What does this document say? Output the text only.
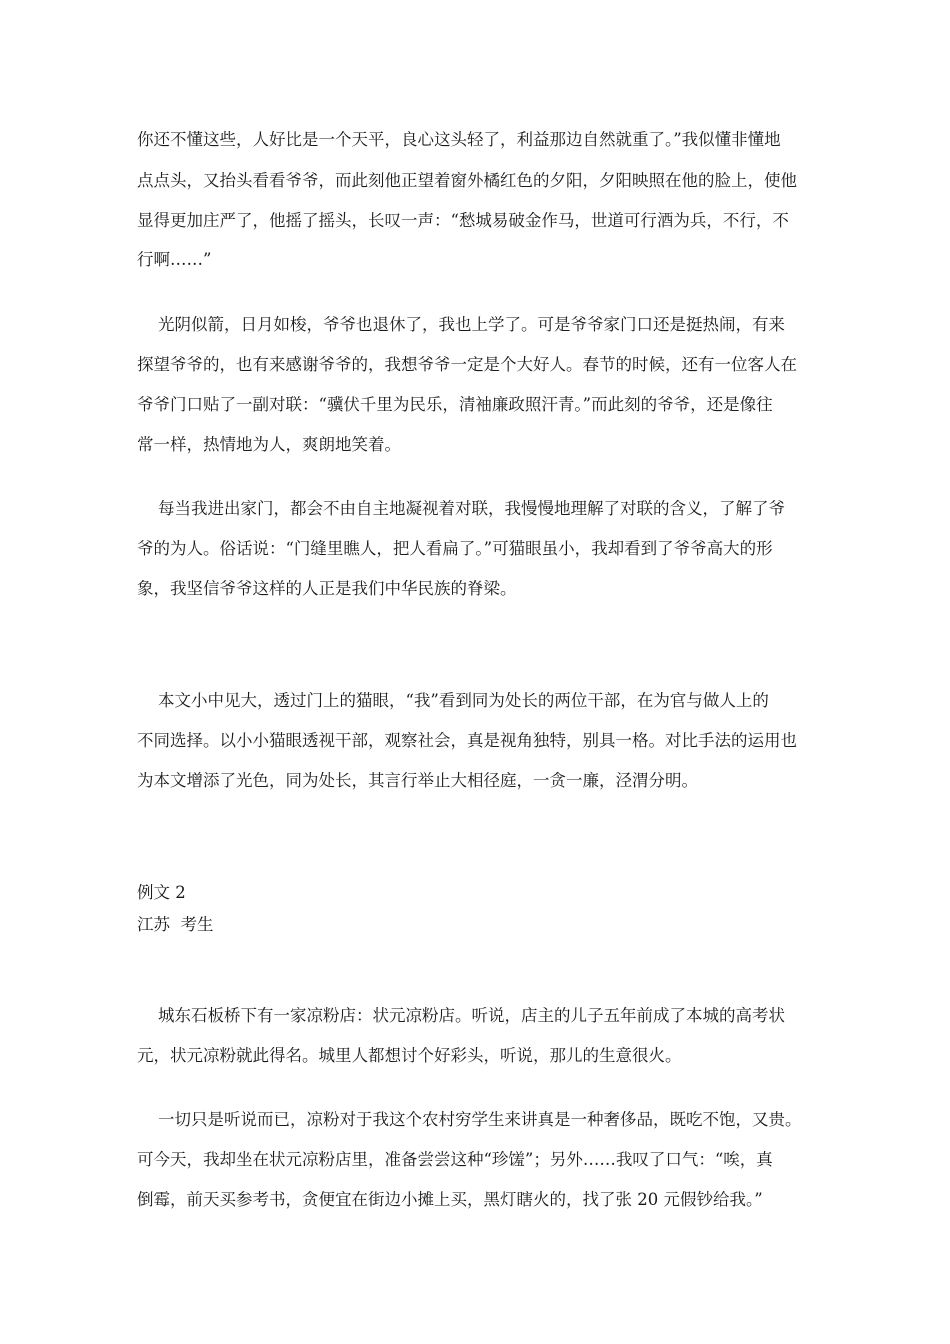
你还不懂这些，人好比是一个天平，良心这头轻了，利益那边自然就重了。”我似懂非懂地
点点头，又抬头看看爷爷，而此刻他正望着窗外橘红色的夕阳，夕阳映照在他的脸上，使他
显得更加庄严了，他摇了摇头，长叹一声：“愁城易破金作马，世道可行酒为兵，不行，不
行啊……”
光阴似箭，日月如梭，爷爷也退休了，我也上学了。可是爷爷家门口还是挺热闹，有来
探望爷爷的，也有来感谢爷爷的，我想爷爷一定是个大好人。春节的时候，还有一位客人在
爷爷门口贴了一副对联：“骥伏千里为民乐，清袖廉政照汗青。”而此刻的爷爷，还是像往
常一样，热情地为人，爽朗地笑着。
每当我进出家门，都会不由自主地凝视着对联，我慢慢地理解了对联的含义，了解了爷
爷的为人。俗话说：“门缝里瞧人，把人看扁了。”可猫眼虽小，我却看到了爷爷高大的形
象，我坚信爷爷这样的人正是我们中华民族的脊梁。
本文小中见大，透过门上的猫眼，“我”看到同为处长的两位干部，在为官与做人上的
不同选择。以小小猫眼透视干部，观察社会，真是视角独特，别具一格。对比手法的运用也
为本文增添了光色，同为处长，其言行举止大相径庭，一贪一廉，泾渭分明。
例文 2
江苏  考生
城东石板桥下有一家凉粉店：状元凉粉店。听说，店主的儿子五年前成了本城的高考状
元，状元凉粉就此得名。城里人都想讨个好彩头，听说，那儿的生意很火。
一切只是听说而已，凉粉对于我这个农村穷学生来讲真是一种奢侈品，既吃不饱，又贵。
可今天，我却坐在状元凉粉店里，准备尝尝这种“珍馐”；另外……我叹了口气：“唉，真
倒霉，前天买参考书，贪便宜在街边小摊上买，黑灯瞎火的，找了张 20 元假钞给我。”
